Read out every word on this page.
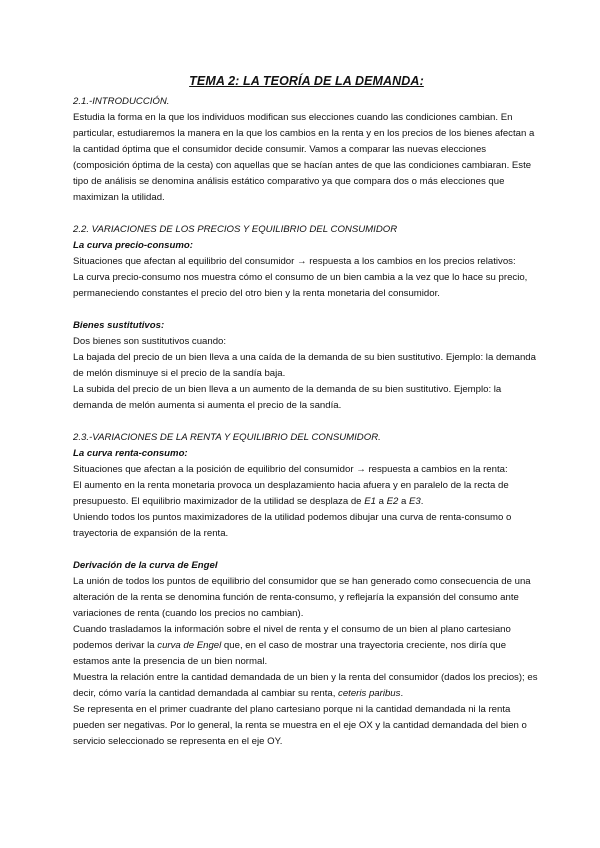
TEMA 2: LA TEORÍA DE LA DEMANDA:

2.1.-INTRODUCCIÓN.

Estudia la forma en la que los individuos modifican sus elecciones cuando las condiciones cambian. En particular, estudiaremos la manera en la que los cambios en la renta y en los precios de los bienes afectan a la cantidad óptima que el consumidor decide consumir. Vamos a comparar las nuevas elecciones (composición óptima de la cesta) con aquellas que se hacían antes de que las condiciones cambiaran. Este tipo de análisis se denomina análisis estático comparativo ya que compara dos o más elecciones que maximizan la utilidad.

2.2. VARIACIONES DE LOS PRECIOS Y EQUILIBRIO DEL CONSUMIDOR

La curva precio-consumo:

Situaciones que afectan al equilibrio del consumidor → respuesta a los cambios en los precios relativos:

La curva precio-consumo nos muestra cómo el consumo de un bien cambia a la vez que lo hace su precio, permaneciendo constantes el precio del otro bien y la renta monetaria del consumidor.

Bienes sustitutivos:

Dos bienes son sustitutivos cuando:

La bajada del precio de un bien lleva a una caída de la demanda de su bien sustitutivo. Ejemplo: la demanda de melón disminuye si el precio de la sandía baja.

La subida del precio de un bien lleva a un aumento de la demanda de su bien sustitutivo. Ejemplo: la demanda de melón aumenta si aumenta el precio de la sandía.

2.3.-VARIACIONES DE LA RENTA Y EQUILIBRIO DEL CONSUMIDOR.

La curva renta-consumo:

Situaciones que afectan a la posición de equilibrio del consumidor → respuesta a cambios en la renta:

El aumento en la renta monetaria provoca un desplazamiento hacia afuera y en paralelo de la recta de presupuesto. El equilibrio maximizador de la utilidad se desplaza de E1 a E2 a E3.

Uniendo todos los puntos maximizadores de la utilidad podemos dibujar una curva de renta-consumo o trayectoria de expansión de la renta.

Derivación de la curva de Engel

La unión de todos los puntos de equilibrio del consumidor que se han generado como consecuencia de una alteración de la renta se denomina función de renta-consumo, y reflejaría la expansión del consumo ante variaciones de renta (cuando los precios no cambian).

Cuando trasladamos la información sobre el nivel de renta y el consumo de un bien al plano cartesiano podemos derivar la curva de Engel que, en el caso de mostrar una trayectoria creciente, nos diría que estamos ante la presencia de un bien normal.

Muestra la relación entre la cantidad demandada de un bien y la renta del consumidor (dados los precios); es decir, cómo varía la cantidad demandada al cambiar su renta, ceteris paribus.

Se representa en el primer cuadrante del plano cartesiano porque ni la cantidad demandada ni la renta pueden ser negativas. Por lo general, la renta se muestra en el eje OX y la cantidad demandada del bien o servicio seleccionado se representa en el eje OY.
